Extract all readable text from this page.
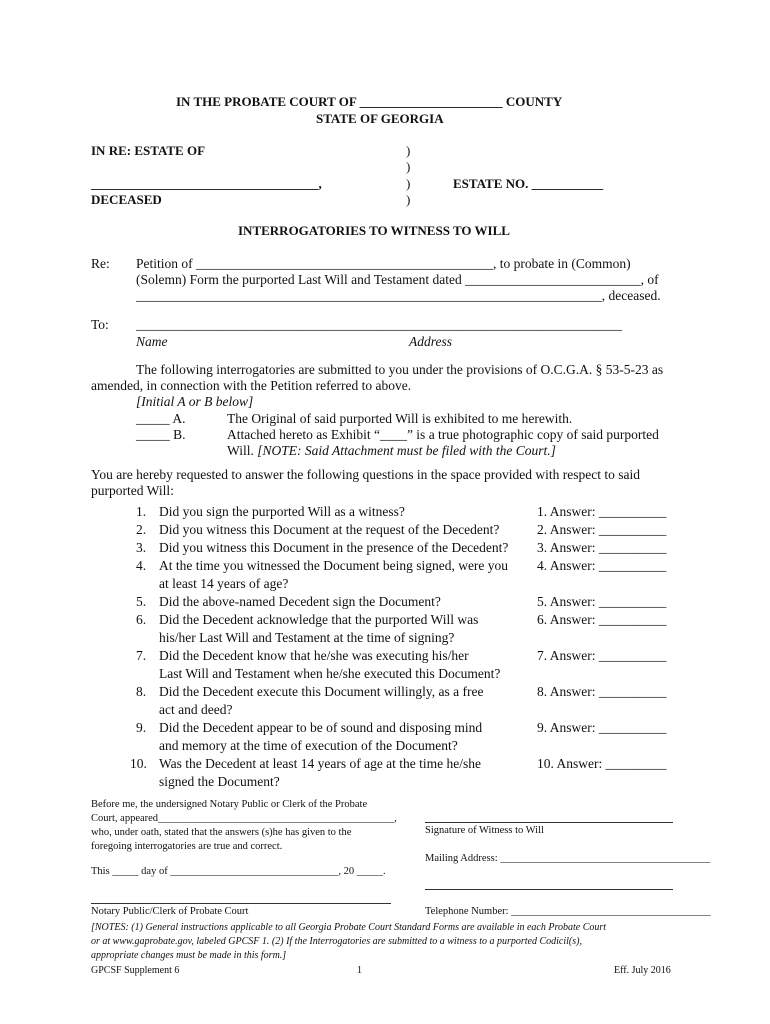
IN THE PROBATE COURT OF ______________________ COUNTY
STATE OF GEORGIA
IN RE: ESTATE OF	)
)
)
)
___________________________________,	ESTATE NO. ___________
DECEASED
INTERROGATORIES TO WITNESS TO WILL
Re: Petition of ____________________________________________, to probate in (Common)
(Solemn) Form the purported Last Will and Testament dated __________________________, of
_____________________________________________________________________, deceased.
To: ________________________________________________________________________
Name	Address
The following interrogatories are submitted to you under the provisions of O.C.G.A. § 53-5-23 as
amended, in connection with the Petition referred to above.
[Initial A or B below]
_____ A.	The Original of said purported Will is exhibited to me herewith.
_____ B.	Attached hereto as Exhibit “____” is a true photographic copy of said purported
Will. [NOTE: Said Attachment must be filed with the Court.]
You are hereby requested to answer the following questions in the space provided with respect to said
purported Will:
1. Did you sign the purported Will as a witness?	1. Answer: __________
2. Did you witness this Document at the request of the Decedent?	2. Answer: __________
3. Did you witness this Document in the presence of the Decedent? 3. Answer: __________
4. At the time you witnessed the Document being signed, were you
at least 14 years of age?
4. Answer: __________
5. Did the above-named Decedent sign the Document?	5. Answer: __________
6. Did the Decedent acknowledge that the purported Will was
his/her Last Will and Testament at the time of signing?
6. Answer: __________
7. Did the Decedent know that he/she was executing his/her
Last Will and Testament when he/she executed this Document?
7. Answer: __________
8. Did the Decedent execute this Document willingly, as a free
act and deed?
8. Answer: __________
9. Did the Decedent appear to be of sound and disposing mind
and memory at the time of execution of the Document?
9. Answer: __________
10. Was the Decedent at least 14 years of age at the time he/she
signed the Document?
10. Answer: _________
Before me, the undersigned Notary Public or Clerk of the Probate
Court, appeared_____________________________________________,
who, under oath, stated that the answers (s)he has given to the
foregoing interrogatories are true and correct.
This _____ day of ________________________________, 20 _____.
Notary Public/Clerk of Probate Court
Signature of Witness to Will
Mailing Address: ________________________________________
Telephone Number: ______________________________________
[NOTES: (1) General instructions applicable to all Georgia Probate Court Standard Forms are available in each Probate Court
or at www.gaprobate.gov, labeled GPCSF 1. (2) If the Interrogatories are submitted to a witness to a purported Codicil(s),
appropriate changes must be made in this form.]
GPCSF Supplement 6	1	Eff. July 2016
